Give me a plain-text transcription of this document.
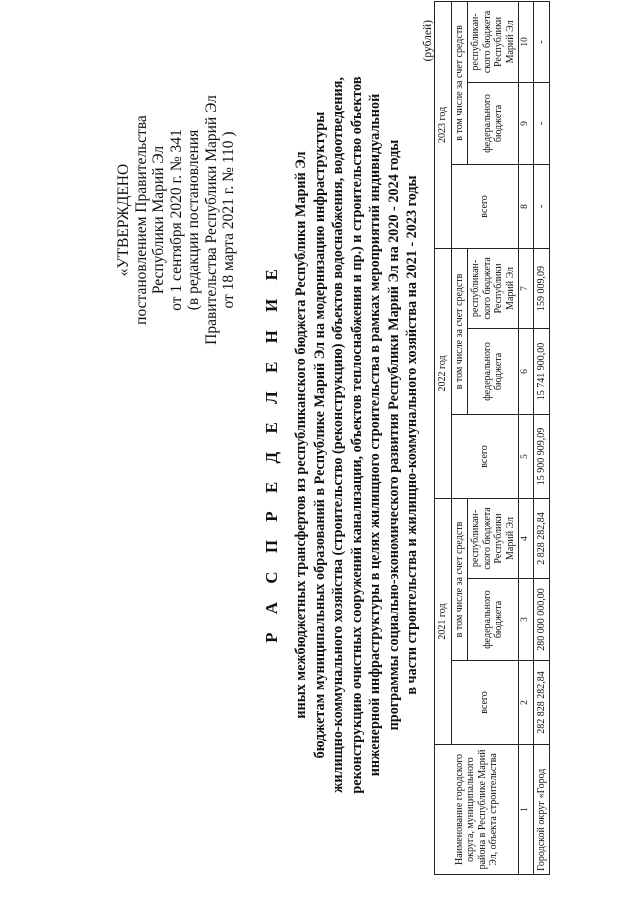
«УТВЕРЖДЕНО постановлением Правительства Республики Марий Эл от 1 сентября 2020 г. № 341 (в редакции постановления Правительства Республики Марий Эл от 18 марта 2021 г. № 110 )
Р А С П Р Е Д Е Л Е Н И Е иных межбюджетных трансфертов из республиканского бюджета Республики Марий Эл бюджетам муниципальных образований в Республике Марий Эл на модернизацию инфраструктуры жилищно-коммунального хозяйства (строительство (реконструкцию) объектов водоснабжения, водоотведения, реконструкцию очистных сооружений канализации, объектов теплоснабжения и пр.) и строительство объектов инженерной инфраструктуры в целях жилищного строительства в рамках мероприятий индивидуальной программы социально-экономического развития Республики Марий Эл на 2020 - 2024 годы в части строительства и жилищно-коммунального хозяйства на 2021 - 2023 годы
(рублей)
Наименование городского округа, муниципального района в Республике Марий Эл, объекта строительства	2021 год			2022 год			2023 год		
	всего	в том числе за счет средств		всего	в том числе за счет средств		всего	в том числе за счет средств	
		федерального бюджета	республикан-ского бюджета Республики Марий Эл		федерального бюджета	республикан-ского бюджета Республики Марий Эл		федерального бюджета	республикан-ского бюджета Республики Марий Эл
1	2	3	4	5	6	7	8	9	10
Городской округ «Город	282 828 282,84	280 000 000,00	2 828 282,84	15 900 909,09	15 741 900,00	159 009,09	-	-	-
